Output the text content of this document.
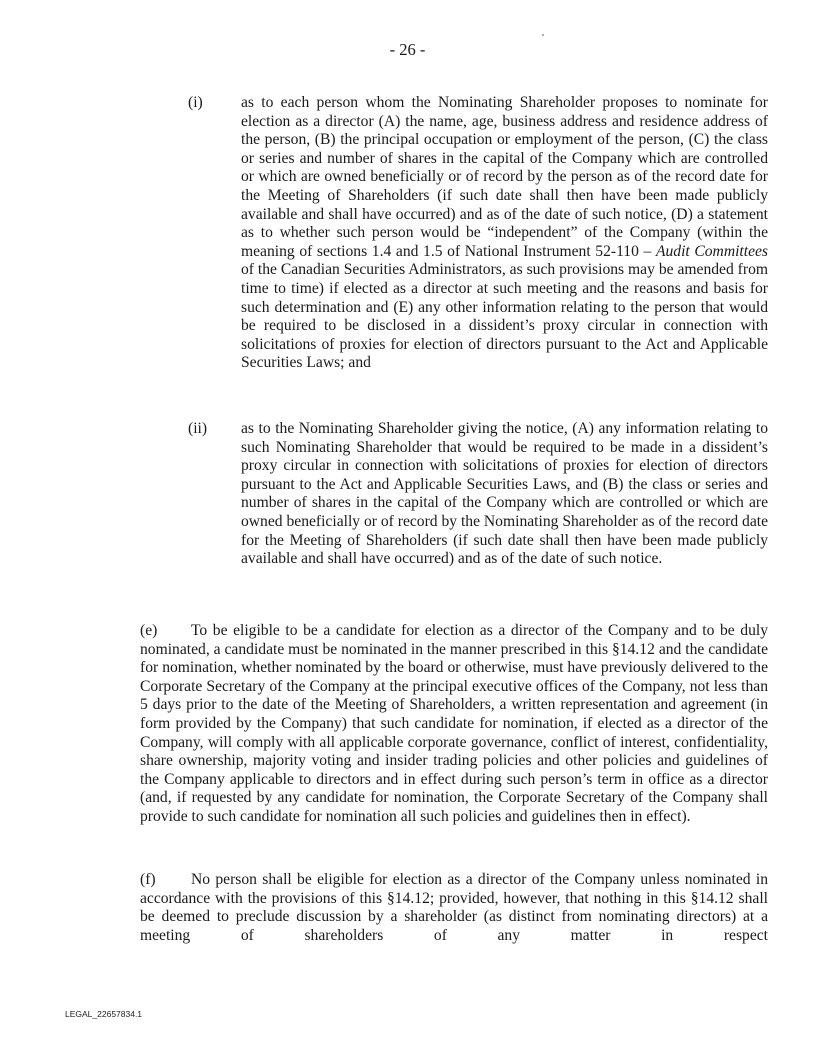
- 26 -
(i) as to each person whom the Nominating Shareholder proposes to nominate for election as a director (A) the name, age, business address and residence address of the person, (B) the principal occupation or employment of the person, (C) the class or series and number of shares in the capital of the Company which are controlled or which are owned beneficially or of record by the person as of the record date for the Meeting of Shareholders (if such date shall then have been made publicly available and shall have occurred) and as of the date of such notice, (D) a statement as to whether such person would be “independent” of the Company (within the meaning of sections 1.4 and 1.5 of National Instrument 52-110 – Audit Committees of the Canadian Securities Administrators, as such provisions may be amended from time to time) if elected as a director at such meeting and the reasons and basis for such determination and (E) any other information relating to the person that would be required to be disclosed in a dissident’s proxy circular in connection with solicitations of proxies for election of directors pursuant to the Act and Applicable Securities Laws; and
(ii) as to the Nominating Shareholder giving the notice, (A) any information relating to such Nominating Shareholder that would be required to be made in a dissident’s proxy circular in connection with solicitations of proxies for election of directors pursuant to the Act and Applicable Securities Laws, and (B) the class or series and number of shares in the capital of the Company which are controlled or which are owned beneficially or of record by the Nominating Shareholder as of the record date for the Meeting of Shareholders (if such date shall then have been made publicly available and shall have occurred) and as of the date of such notice.
(e) To be eligible to be a candidate for election as a director of the Company and to be duly nominated, a candidate must be nominated in the manner prescribed in this §14.12 and the candidate for nomination, whether nominated by the board or otherwise, must have previously delivered to the Corporate Secretary of the Company at the principal executive offices of the Company, not less than 5 days prior to the date of the Meeting of Shareholders, a written representation and agreement (in form provided by the Company) that such candidate for nomination, if elected as a director of the Company, will comply with all applicable corporate governance, conflict of interest, confidentiality, share ownership, majority voting and insider trading policies and other policies and guidelines of the Company applicable to directors and in effect during such person’s term in office as a director (and, if requested by any candidate for nomination, the Corporate Secretary of the Company shall provide to such candidate for nomination all such policies and guidelines then in effect).
(f) No person shall be eligible for election as a director of the Company unless nominated in accordance with the provisions of this §14.12; provided, however, that nothing in this §14.12 shall be deemed to preclude discussion by a shareholder (as distinct from nominating directors) at a meeting of shareholders of any matter in respect
LEGAL_22657834.1
